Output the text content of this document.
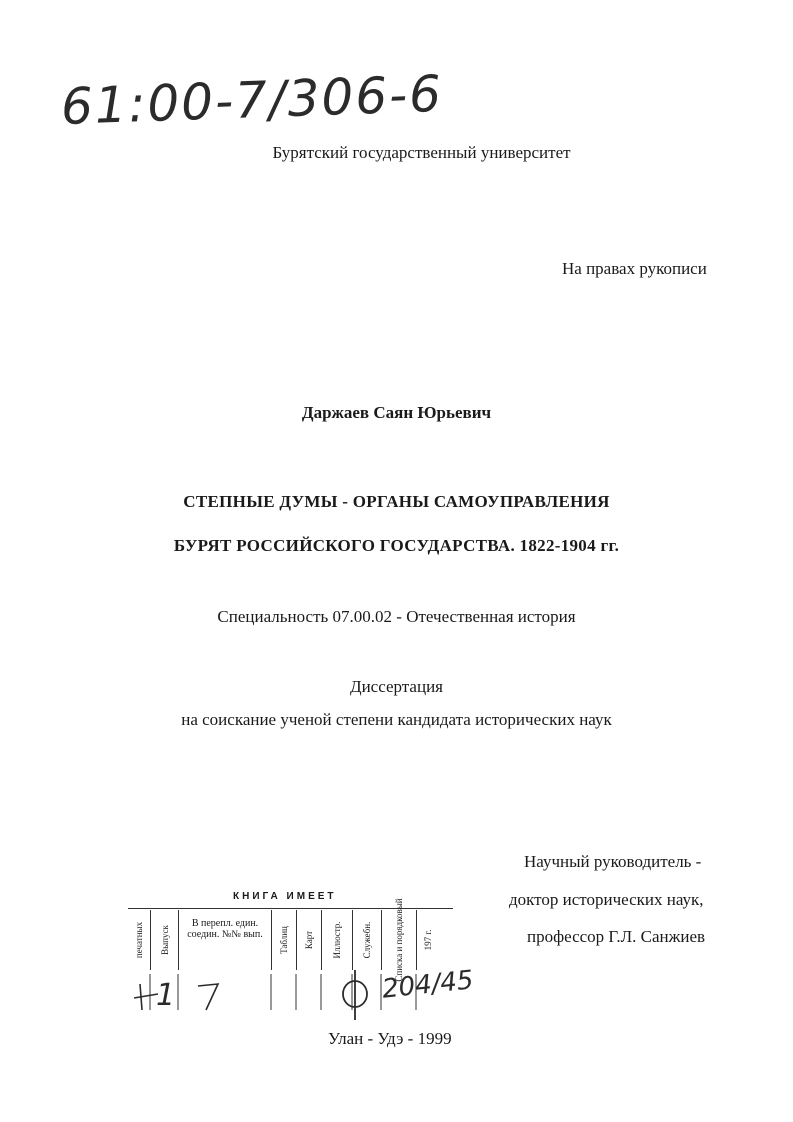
61:00-7/306-6
Бурятский государственный университет
На правах рукописи
Даржаев Саян Юрьевич
СТЕПНЫЕ ДУМЫ - ОРГАНЫ САМОУПРАВЛЕНИЯ
БУРЯТ РОССИЙСКОГО ГОСУДАРСТВА. 1822-1904 гг.
Специальность 07.00.02 - Отечественная история
Диссертация
на соискание ученой степени кандидата исторических наук
Научный руководитель -
доктор исторических наук,
профессор Г.Л. Санжиев
КНИГА ИМЕЕТ
печатных Выпуск
В перепл. един. соедин. №№ вып.	Таблиц Карт Иллюстр. Служебн. Списка и порядковый 197 г.
1	204/45
Улан - Удэ - 1999
